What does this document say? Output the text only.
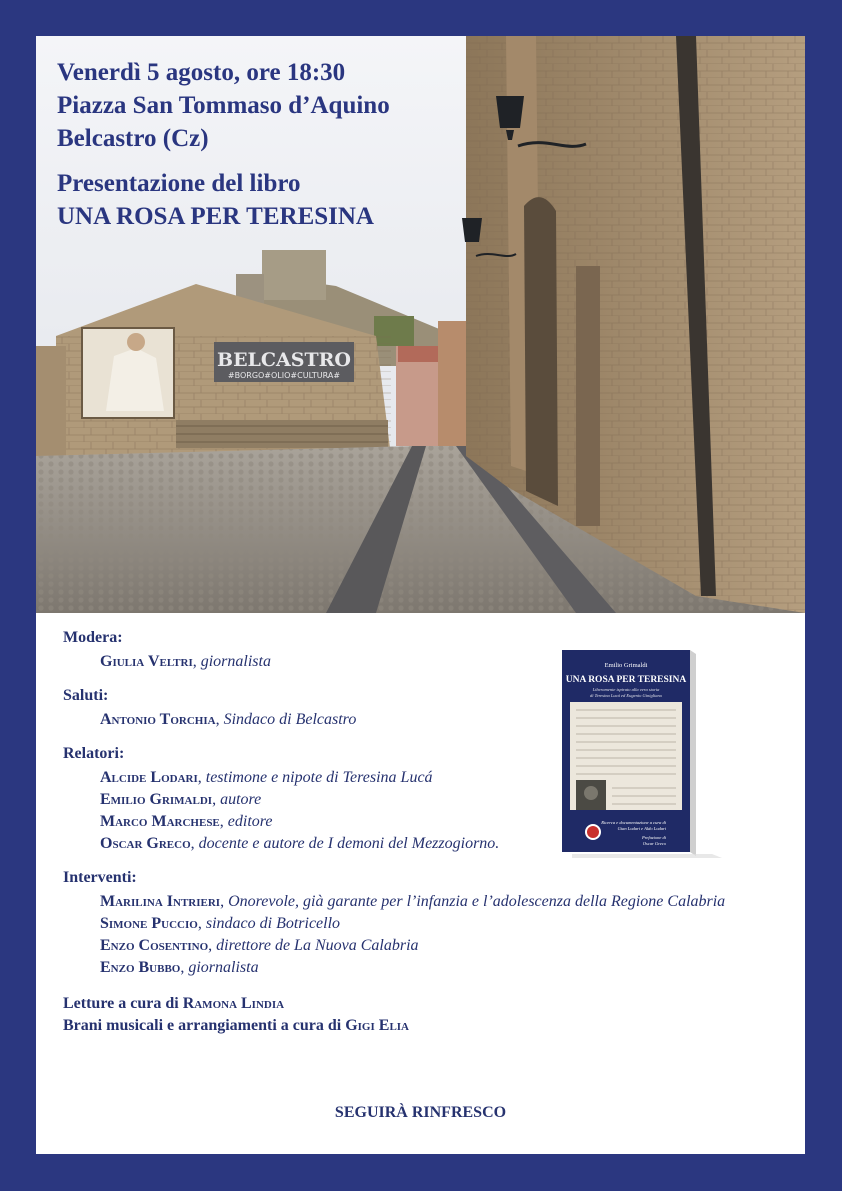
BELCASTRO
#BORGO#OLIO#CULTURA#
Venerdì 5 agosto, ore 18:30
Piazza San Tommaso d’Aquino
Belcastro (Cz)
Presentazione del libro
UNA ROSA PER TERESINA
Modera:
Giulia Veltri, giornalista
Saluti:
Antonio Torchia, Sindaco di Belcastro
Relatori:
Alcide Lodari, testimone e nipote di Teresina Lucá
Emilio Grimaldi, autore
Marco Marchese, editore
Oscar Greco, docente e autore de I demoni del Mezzogiorno.
Interventi:
Marilina Intrieri, Onorevole, già garante per l’infanzia e l’adolescenza della Regione Calabria
Simone Puccio, sindaco di Botricello
Enzo Cosentino, direttore de La Nuova Calabria
Enzo Bubbo, giornalista
Letture a cura di Ramona Lindia
Brani musicali e arrangiamenti a cura di Gigi Elia
SEGUIRÀ RINFRESCO
Emilio Grimaldi
UNA ROSA PER TERESINA
Liberamente ispirato alla vera storia
di Teresina Lucá ed Eugenio Ginigliano
Ricerca e documentazione a cura di
Gian Lodari e Aldo Lodari
Prefazione di
Oscar Greco
